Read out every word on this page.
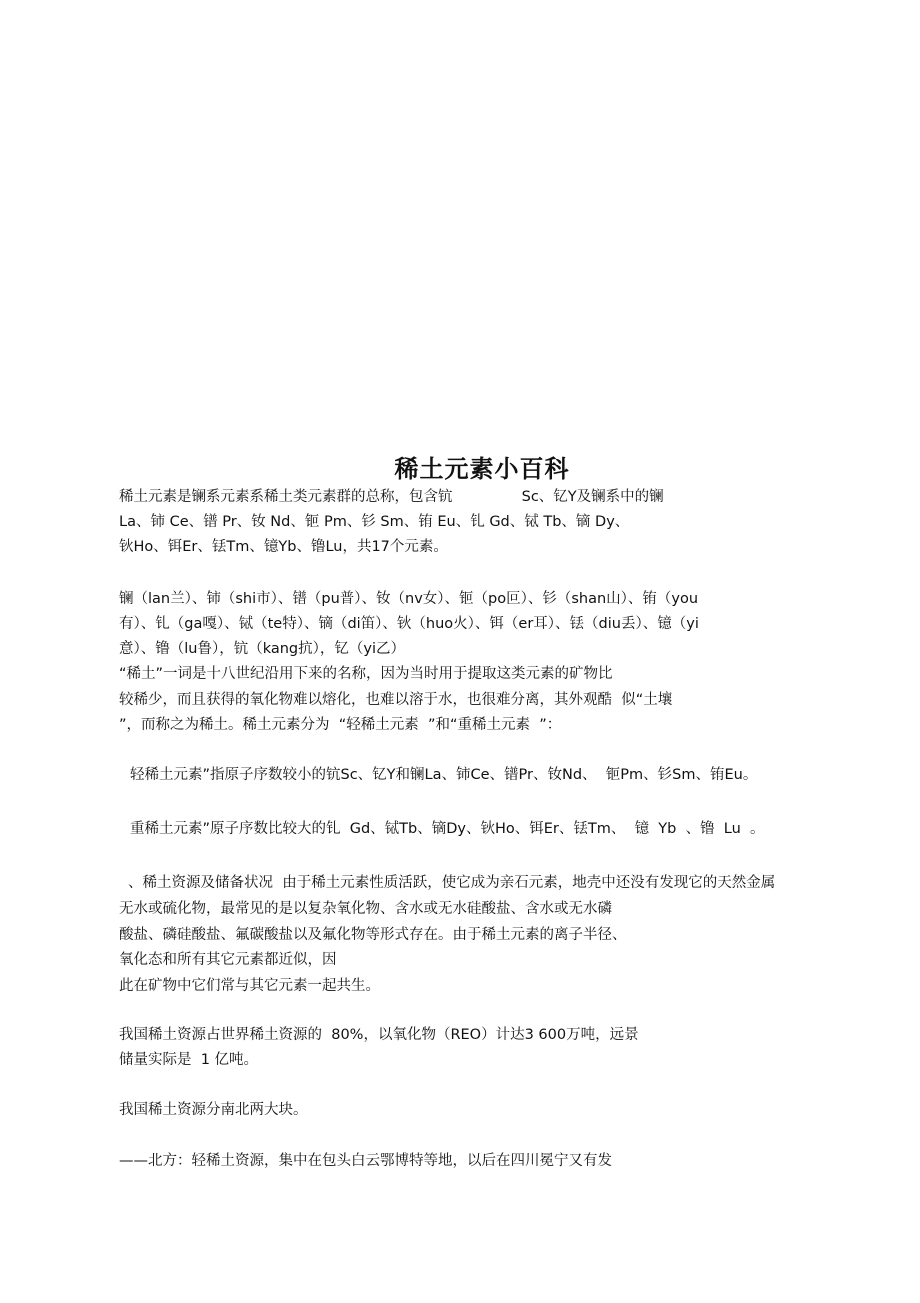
稀土元素小百科
稀土元素是镧系元素系稀土类元素群的总称，包含钪               Sc、钇Y及镧系中的镧
La、铈 Ce、镨 Pr、钕 Nd、钷 Pm、钐 Sm、铕 Eu、钆 Gd、铽 Tb、镝 Dy、
钬Ho、铒Er、铥Tm、镱Yb、镥Lu，共17个元素。
镧（lan兰）、铈（shi市）、镨（pu普）、钕（nv女）、钷（po叵）、钐（shan山）、铕（you
有）、钆（ga嘎）、铽（te特）、镝（di笛）、钬（huo火）、铒（er耳）、铥（diu丢）、镱（yi
意）、镥（lu鲁），钪（kang抗），钇（yi乙）
“稀土”一词是十八世纪沿用下来的名称，因为当时用于提取这类元素的矿物比
较稀少，而且获得的氧化物难以熔化，也难以溶于水，也很难分离，其外观酷  似“土壤
”，而称之为稀土。稀土元素分为  “轻稀土元素  ”和“重稀土元素  ”：
轻稀土元素”指原子序数较小的钪Sc、钇Y和镧La、铈Ce、镨Pr、钕Nd、  钷Pm、钐Sm、铕Eu。
重稀土元素”原子序数比较大的钆  Gd、铽Tb、镝Dy、钬Ho、铒Er、铥Tm、  镱  Yb  、镥  Lu  。
、稀土资源及储备状况  由于稀土元素性质活跃，使它成为亲石元素，地壳中还没有发现它的天然金属
无水或硫化物，最常见的是以复杂氧化物、含水或无水硅酸盐、含水或无水磷
酸盐、磷硅酸盐、氟碳酸盐以及氟化物等形式存在。由于稀土元素的离子半径、
氧化态和所有其它元素都近似，因
此在矿物中它们常与其它元素一起共生。
我国稀土资源占世界稀土资源的  80%，以氧化物（REO）计达3 600万吨，远景
储量实际是  1 亿吨。
我国稀土资源分南北两大块。
——北方：轻稀土资源，集中在包头白云鄂博特等地，以后在四川冕宁又有发
